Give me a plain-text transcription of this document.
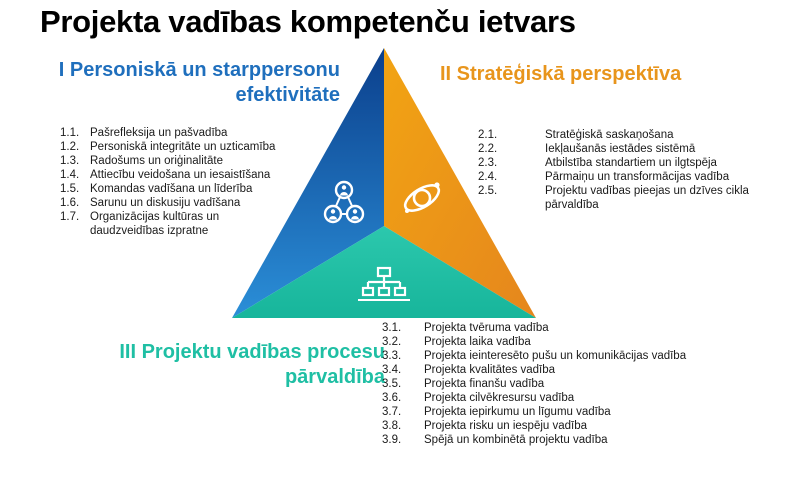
Projekta vadības kompetenču ietvars
I Personiskā un starppersonu efektivitāte
II Stratēģiskā perspektīva
III Projektu vadības procesu pārvaldība
1.1. Pašrefleksija un pašvadība
1.2. Personiskā integritāte un uzticamība
1.3. Radošums un oriģinalitāte
1.4. Attiecību veidošana un iesaistīšana
1.5. Komandas vadīšana un līderība
1.6. Sarunu un diskusiju vadīšana
1.7. Organizācijas kultūras un daudzveidības izpratne
2.1.	Stratēģiskā saskaņošana
2.2.	Iekļaušanās iestādes sistēmā
2.3.	Atbilstība standartiem un ilgtspēja
2.4.	Pārmaiņu un transformācijas vadība
2.5.	Projektu vadības pieejas un dzīves cikla pārvaldība
3.1.	Projekta tvēruma vadība
3.2.	Projekta laika vadība
3.3.	Projekta ieinteresēto pušu un komunikācijas vadība
3.4.	Projekta kvalitātes vadība
3.5.	Projekta finanšu vadība
3.6.	Projekta cilvēkresursu vadība
3.7.	Projekta iepirkumu un līgumu vadība
3.8.	Projekta risku un iespēju vadība
3.9.	Spējā un kombinētā projektu vadība
